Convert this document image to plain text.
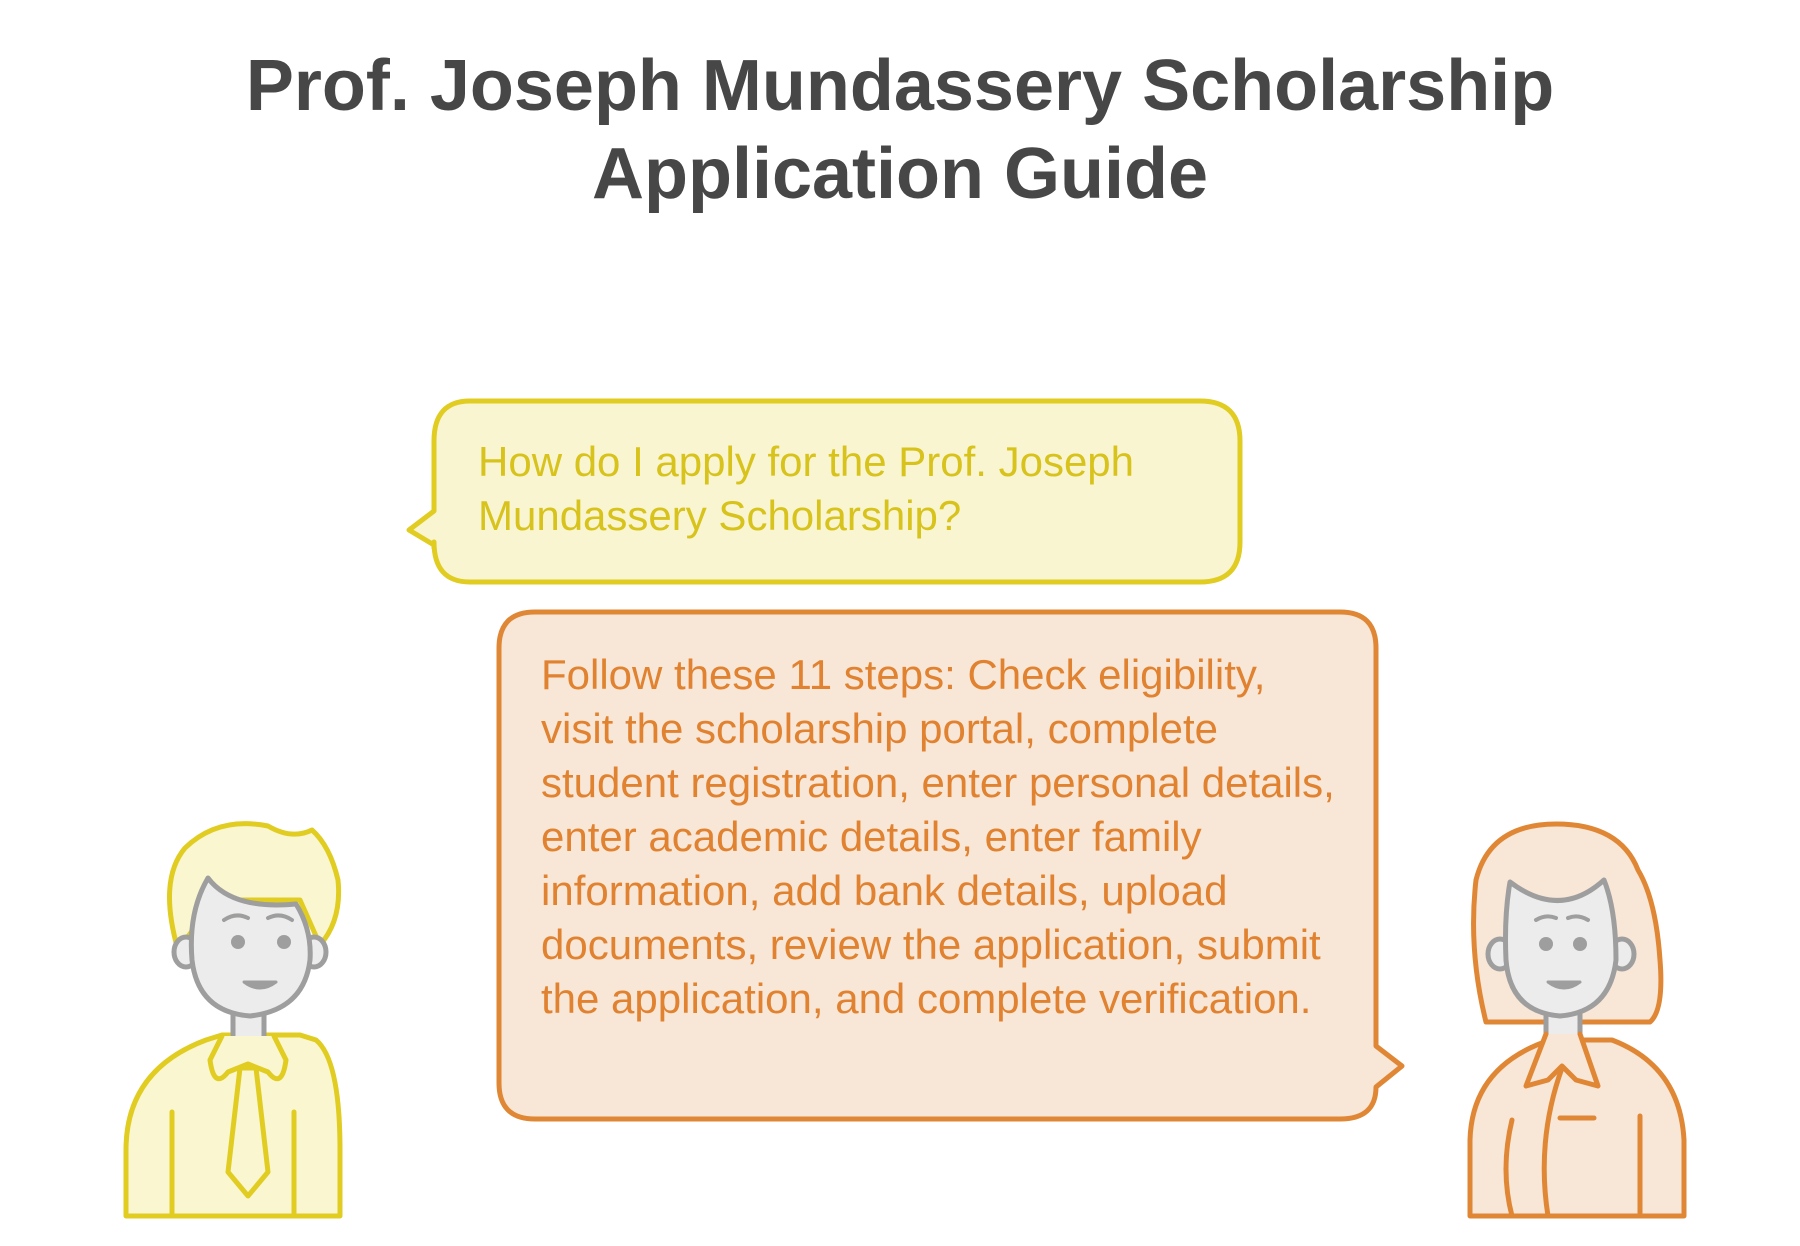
Prof. Joseph Mundassery Scholarship
Application Guide
How do I apply for the Prof. Joseph Mundassery Scholarship?
Follow these 11 steps: Check eligibility, visit the scholarship portal, complete student registration, enter personal details, enter academic details, enter family information, add bank details, upload documents, review the application, submit the application, and complete verification.
